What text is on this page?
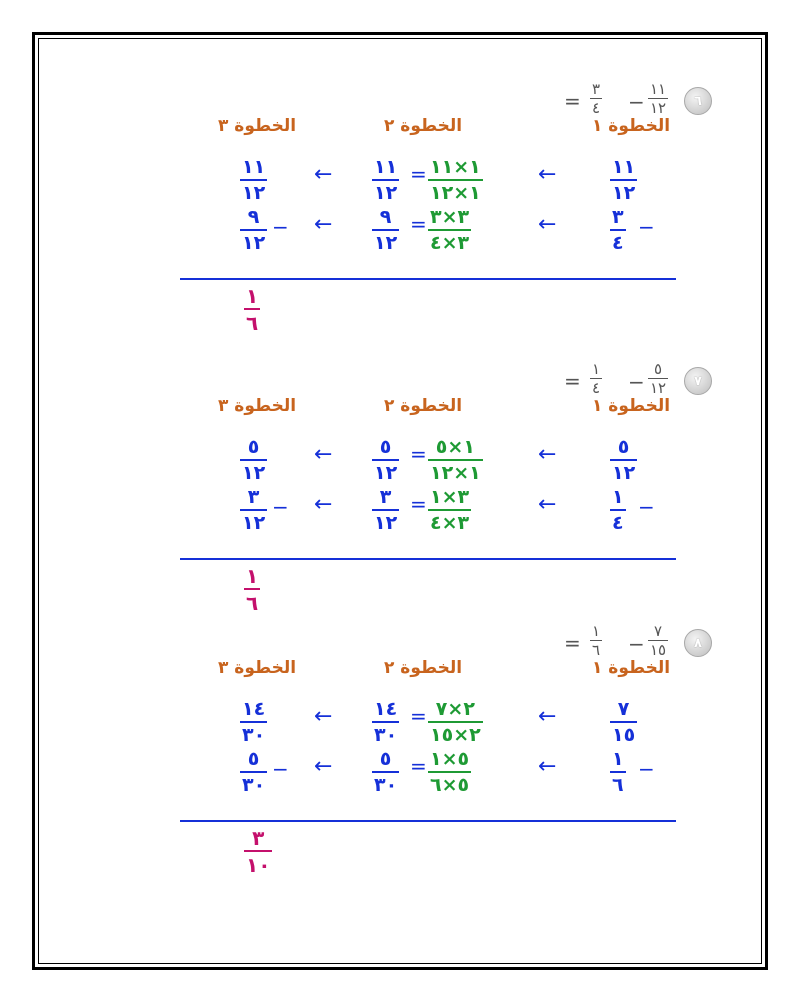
٦
١١
١٢
−
٣
٤
=
الخطوة ١
الخطوة ٢
الخطوة ٣
١١
١٢
←
١١
١٢
= ١×١١
١×١٢
←
١١
١٢
٣
٤
−
←
٩
١٢
= ٣×٣
٣×٤
←
٩
١٢
−
١
٦
٧
٥
١٢
−
١
٤
=
الخطوة ١
الخطوة ٢
الخطوة ٣
٥
١٢
←
٥
١٢
= ١×٥
١×١٢
←
٥
١٢
١
٤
−
←
٣
١٢
= ٣×١
٣×٤
←
٣
١٢
−
١
٦
٨
٧
١٥
−
١
٦
=
الخطوة ١
الخطوة ٢
الخطوة ٣
٧
١٥
←
١٤
٣٠
= ٢×٧
٢×١٥
←
١٤
٣٠
١
٦
−
←
٥
٣٠
= ٥×١
٥×٦
←
٥
٣٠
−
٣
١٠
